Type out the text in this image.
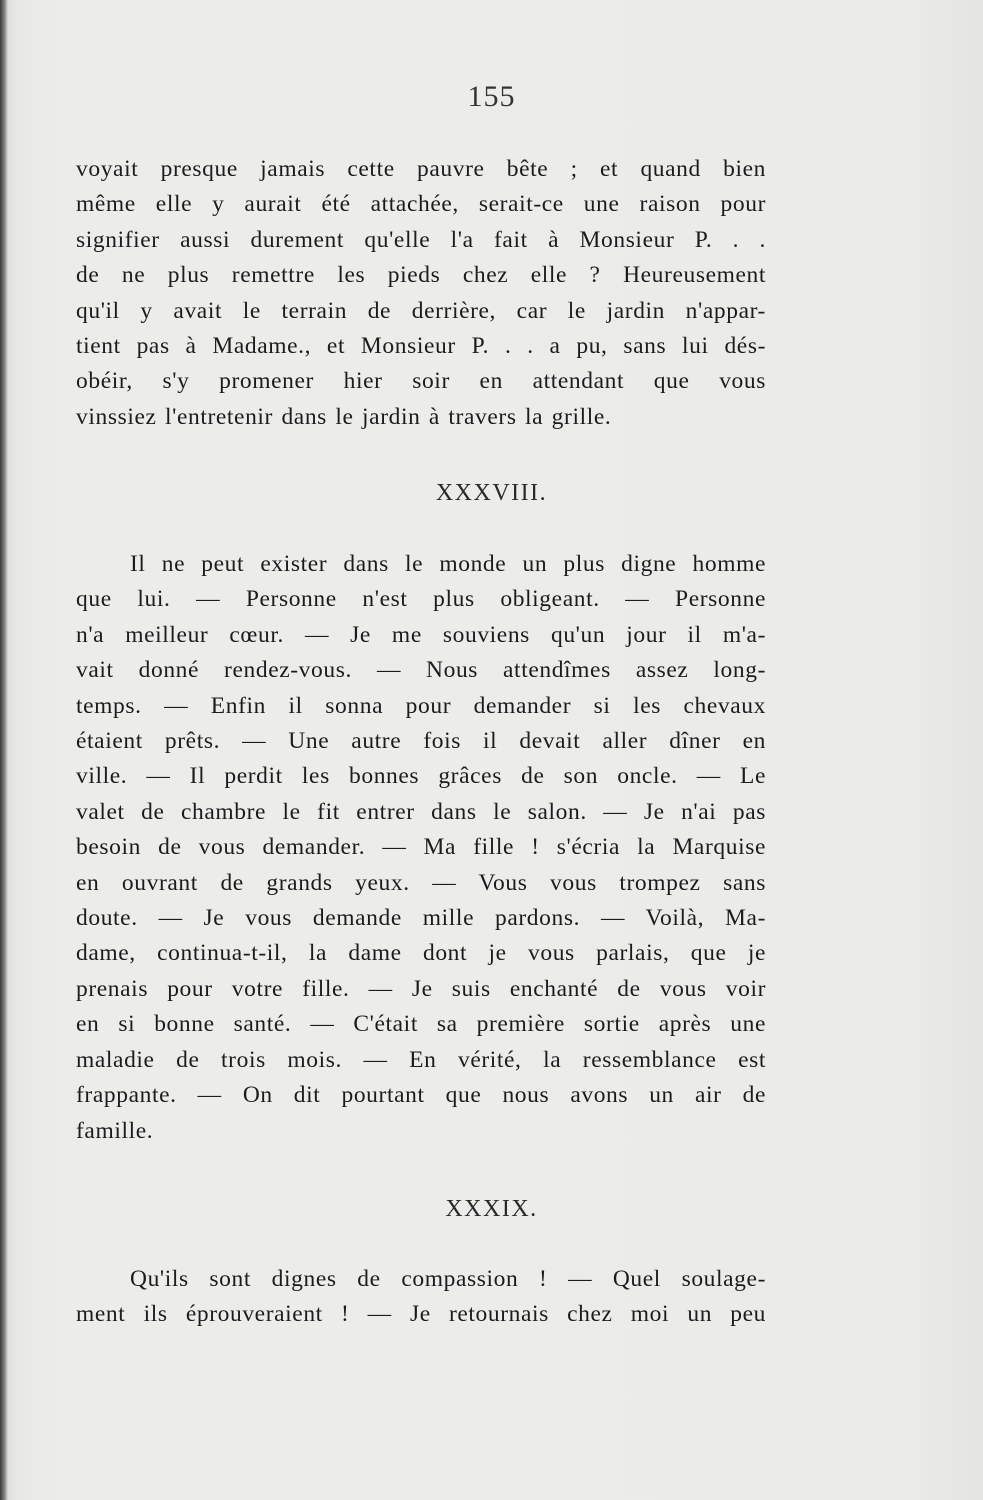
155
voyait presque jamais cette pauvre bête ; et quand bien
même elle y aurait été attachée, serait-ce une raison pour
signifier aussi durement qu'elle l'a fait à Monsieur P. . .
de ne plus remettre les pieds chez elle ? Heureusement
qu'il y avait le terrain de derrière, car le jardin n'appar-
tient pas à Madame., et Monsieur P. . . a pu, sans lui dés-
obéir, s'y promener hier soir en attendant que vous
vinssiez l'entretenir dans le jardin à travers la grille.
XXXVIII.
Il ne peut exister dans le monde un plus digne homme
que lui. — Personne n'est plus obligeant. — Personne
n'a meilleur cœur. — Je me souviens qu'un jour il m'a-
vait donné rendez-vous. — Nous attendîmes assez long-
temps. — Enfin il sonna pour demander si les chevaux
étaient prêts. — Une autre fois il devait aller dîner en
ville. — Il perdit les bonnes grâces de son oncle. — Le
valet de chambre le fit entrer dans le salon. — Je n'ai pas
besoin de vous demander. — Ma fille ! s'écria la Marquise
en ouvrant de grands yeux. — Vous vous trompez sans
doute. — Je vous demande mille pardons. — Voilà, Ma-
dame, continua-t-il, la dame dont je vous parlais, que je
prenais pour votre fille. — Je suis enchanté de vous voir
en si bonne santé. — C'était sa première sortie après une
maladie de trois mois. — En vérité, la ressemblance est
frappante. — On dit pourtant que nous avons un air de
famille.
XXXIX.
Qu'ils sont dignes de compassion ! — Quel soulage-
ment ils éprouveraient ! — Je retournais chez moi un peu
